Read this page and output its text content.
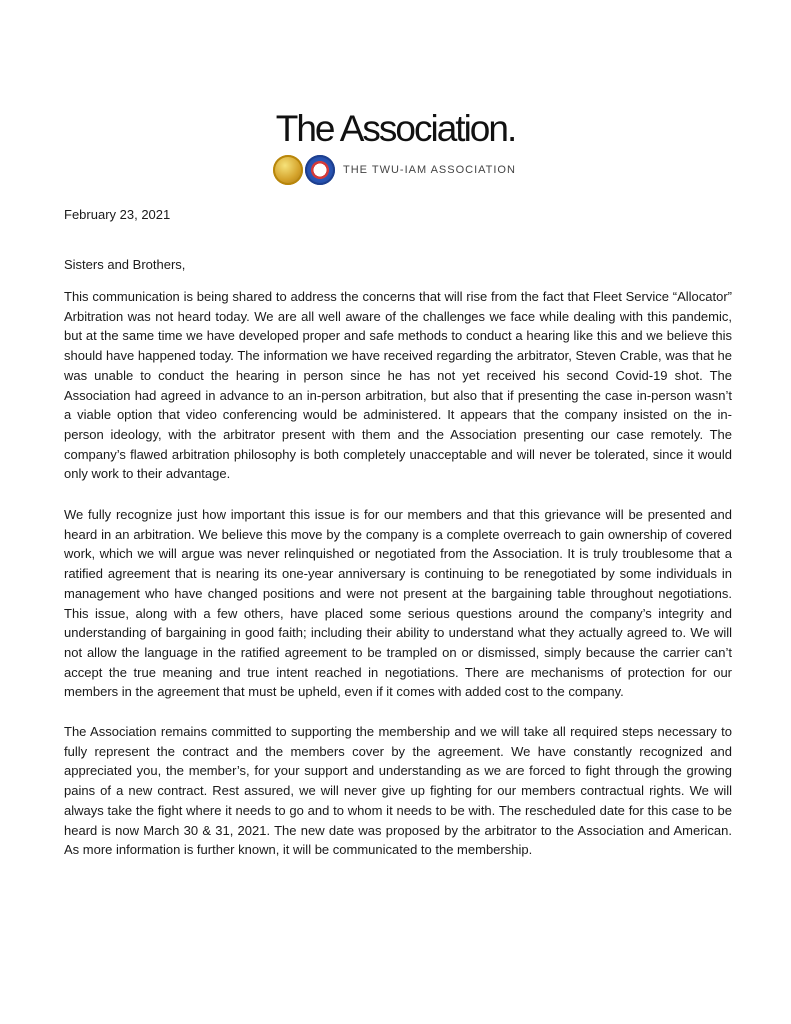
The Association.
THE TWU-IAM ASSOCIATION
February 23, 2021
Sisters and Brothers,

This communication is being shared to address the concerns that will rise from the fact that Fleet Service “Allocator” Arbitration was not heard today. We are all well aware of the challenges we face while dealing with this pandemic, but at the same time we have developed proper and safe methods to conduct a hearing like this and we believe this should have happened today. The information we have received regarding the arbitrator, Steven Crable, was that he was unable to conduct the hearing in person since he has not yet received his second Covid-19 shot. The Association had agreed in advance to an in-person arbitration, but also that if presenting the case in-person wasn’t a viable option that video conferencing would be administered. It appears that the company insisted on the in-person ideology, with the arbitrator present with them and the Association presenting our case remotely. The company’s flawed arbitration philosophy is both completely unacceptable and will never be tolerated, since it would only work to their advantage.

We fully recognize just how important this issue is for our members and that this grievance will be presented and heard in an arbitration. We believe this move by the company is a complete overreach to gain ownership of covered work, which we will argue was never relinquished or negotiated from the Association. It is truly troublesome that a ratified agreement that is nearing its one-year anniversary is continuing to be renegotiated by some individuals in management who have changed positions and were not present at the bargaining table throughout negotiations. This issue, along with a few others, have placed some serious questions around the company’s integrity and understanding of bargaining in good faith; including their ability to understand what they actually agreed to. We will not allow the language in the ratified agreement to be trampled on or dismissed, simply because the carrier can’t accept the true meaning and true intent reached in negotiations. There are mechanisms of protection for our members in the agreement that must be upheld, even if it comes with added cost to the company.

The Association remains committed to supporting the membership and we will take all required steps necessary to fully represent the contract and the members cover by the agreement. We have constantly recognized and appreciated you, the member’s, for your support and understanding as we are forced to fight through the growing pains of a new contract. Rest assured, we will never give up fighting for our members contractual rights. We will always take the fight where it needs to go and to whom it needs to be with. The rescheduled date for this case to be heard is now March 30 & 31, 2021. The new date was proposed by the arbitrator to the Association and American. As more information is further known, it will be communicated to the membership.
